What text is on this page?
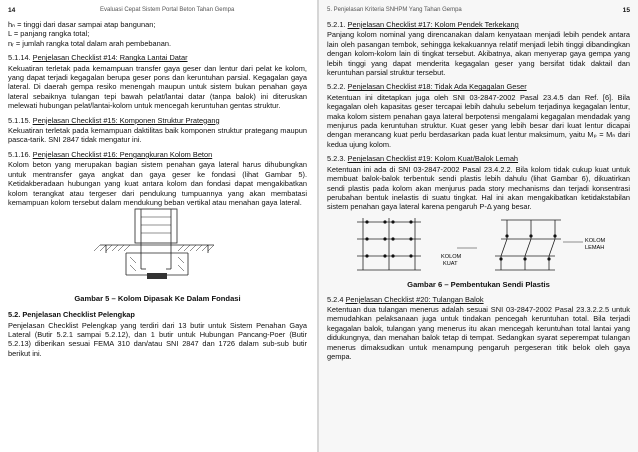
14	Evaluasi Cepat Sistem Portal Beton Tahan Gempa
hₙ = tinggi dari dasar sampai atap bangunan;
L = panjang rangka total;
nᵣ = jumlah rangka total dalam arah pembebanan.
5.1.14. Penjelasan Checklist #14: Rangka Lantai Datar

Kekuatiran terletak pada kemampuan transfer gaya geser dan lentur dari pelat ke kolom, yang dapat terjadi kegagalan berupa geser pons dan keruntuhan parsial. Kegagalan gaya lateral. Di daerah gempa resiko menengah maupun untuk sistem bukan penahan gaya lateral sebaiknya tulangan tepi bawah pelat/lantai datar (tanpa balok) ini diteruskan melewati hubungan pelat/lantai-kolom untuk mencegah keruntuhan gentas struktur.

5.1.15. Penjelasan Checklist #15: Komponen Struktur Prategang

Kekuatiran terletak pada kemampuan daktilitas baik komponen struktur prategang maupun pasca-tarik. SNI 2847 tidak mengatur ini.

5.1.16. Penjelasan Checklist #16: Pengangkuran Kolom Beton

Kolom beton yang merupakan bagian sistem penahan gaya lateral harus dihubungkan untuk mentransfer gaya angkat dan gaya geser ke fondasi (lihat Gambar 5). Ketidakberadaan hubungan yang kuat antara kolom dan fondasi dapat mengakibatkan kolom terangkat atau tergeser dari pendukung tumpuannya yang akan membatasi kemampuan kolom tersebut dalam mendukung beban vertikal atau menahan gaya lateral.

Gambar 5 – Kolom Dipasak Ke Dalam Fondasi
5.2. Penjelasan Checklist Pelengkap

Penjelasan Checklist Pelengkap yang terdiri dari 13 butir untuk Sistem Penahan Gaya Lateral (Butir 5.2.1 sampai 5.2.12), dan 1 butir untuk Hubungan Pancang-Poer (Butir 5.2.13) diberikan sesuai FEMA 310 dan/atau SNI 2847 dan 1726 dalam sub-sub butir berikut ini.

5. Penjelasan Kriteria SNHPM Yang Tahan Gempa	15
5.2.1. Penjelasan Checklist #17: Kolom Pendek Terkekang

Panjang kolom nominal yang direncanakan dalam kenyataan menjadi lebih pendek antara lain oleh pasangan tembok, sehingga kekakuannya relatif menjadi lebih tinggi dibandingkan dengan kolom-kolom lain di tingkat tersebut. Akibatnya, akan menyerap gaya gempa yang lebih tinggi yang dapat menderita kegagalan geser yang bersifat tidak daktail dan keruntuhan parsial struktur tersebut.

5.2.2. Penjelasan Checklist #18: Tidak Ada Kegagalan Geser

Ketentuan ini ditetapkan juga oleh SNI 03-2847-2002 Pasal 23.4.5 dan Ref. [6]. Bila kegagalan oleh kapasitas geser tercapai lebih dahulu sebelum terjadinya kegagalan lentur, maka kolom sistem penahan gaya lateral berpotensi mengalami kegagalan mendadak yang menjurus pada keruntuhan struktur. Kuat geser yang lebih besar dari kuat lentur dicapai dengan merancang kuat perlu berdasarkan pada kuat lentur maksimum, yaitu Mₚ = Mₙ dari kedua ujung kolom.

5.2.3. Penjelasan Checklist #19: Kolom Kuat/Balok Lemah

Ketentuan ini ada di SNI 03-2847-2002 Pasal 23.4.2.2. Bila kolom tidak cukup kuat untuk membuat balok-balok terbentuk sendi plastis lebih dahulu (lihat Gambar 6), dikuatirkan sendi plastis pada kolom akan menjurus pada story mechanisms dan terjadi konsentrasi perubahan bentuk inelastis di suatu tingkat. Hal ini akan mengakibatkan ketidakstabilan sistem penahan gaya lateral karena pengaruh P-Δ yang besar.

KOLOM
KUAT
KOLOM
LEMAH
Gambar 6 – Pembentukan Sendi Plastis
5.2.4 Penjelasan Checklist #20: Tulangan Balok

Ketentuan dua tulangan menerus adalah sesuai SNI 03-2847-2002 Pasal 23.3.2.2.5 untuk memudahkan pelaksanaan juga untuk tindakan pencegah keruntuhan total. Bila terjadi kegagalan balok, tulangan yang menerus itu akan mencegah keruntuhan total lantai yang didukungnya, dan menahan balok tetap di tempat. Sedangkan syarat seperempat tulangan menerus dimaksudkan untuk menampung pengaruh pergeseran titik belok oleh gaya gempa.
